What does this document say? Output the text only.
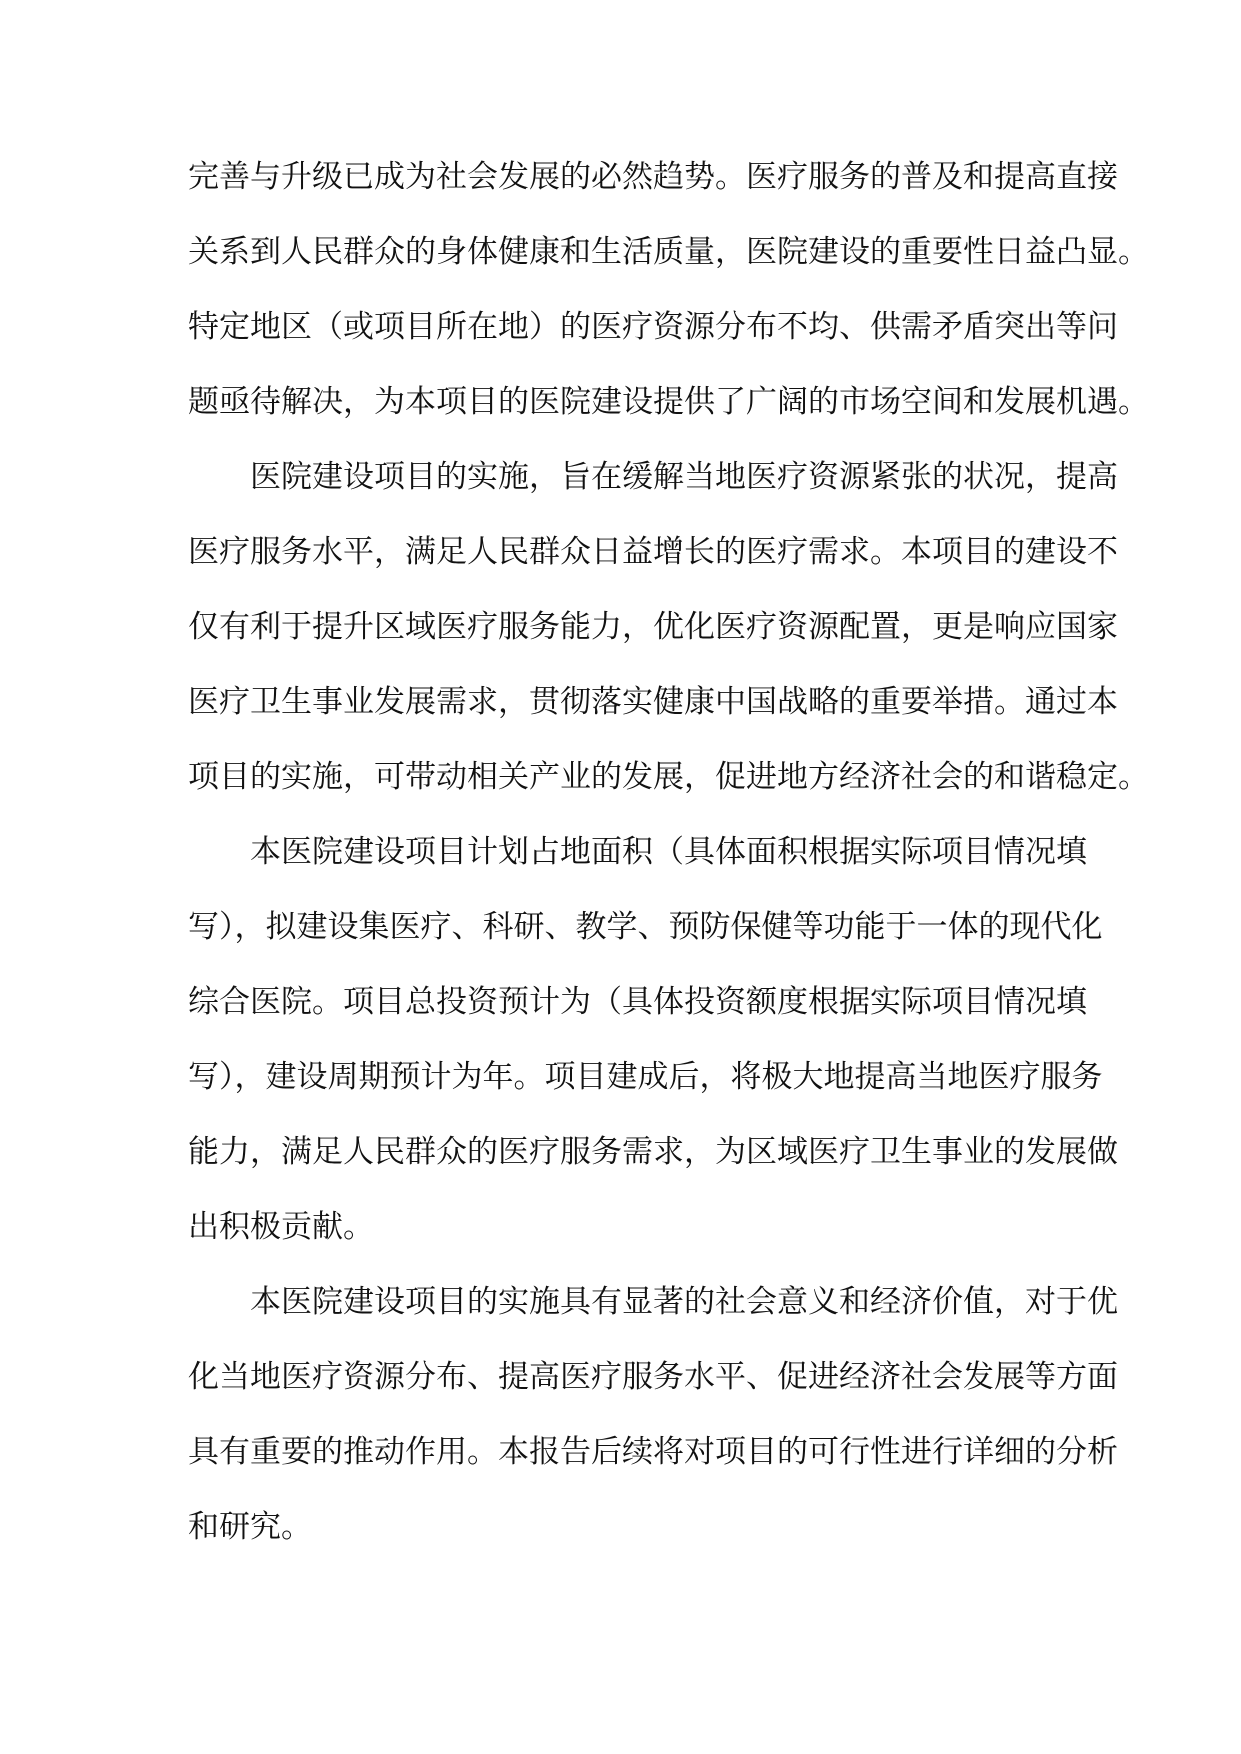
完善与升级已成为社会发展的必然趋势。医疗服务的普及和提高直接
关系到人民群众的身体健康和生活质量，医院建设的重要性日益凸显。
特定地区（或项目所在地）的医疗资源分布不均、供需矛盾突出等问
题亟待解决，为本项目的医院建设提供了广阔的市场空间和发展机遇。
　　医院建设项目的实施，旨在缓解当地医疗资源紧张的状况，提高
医疗服务水平，满足人民群众日益增长的医疗需求。本项目的建设不
仅有利于提升区域医疗服务能力，优化医疗资源配置，更是响应国家
医疗卫生事业发展需求，贯彻落实健康中国战略的重要举措。通过本
项目的实施，可带动相关产业的发展，促进地方经济社会的和谐稳定。
　　本医院建设项目计划占地面积（具体面积根据实际项目情况填
写），拟建设集医疗、科研、教学、预防保健等功能于一体的现代化
综合医院。项目总投资预计为（具体投资额度根据实际项目情况填
写），建设周期预计为年。项目建成后，将极大地提高当地医疗服务
能力，满足人民群众的医疗服务需求，为区域医疗卫生事业的发展做
出积极贡献。
　　本医院建设项目的实施具有显著的社会意义和经济价值，对于优
化当地医疗资源分布、提高医疗服务水平、促进经济社会发展等方面
具有重要的推动作用。本报告后续将对项目的可行性进行详细的分析
和研究。
